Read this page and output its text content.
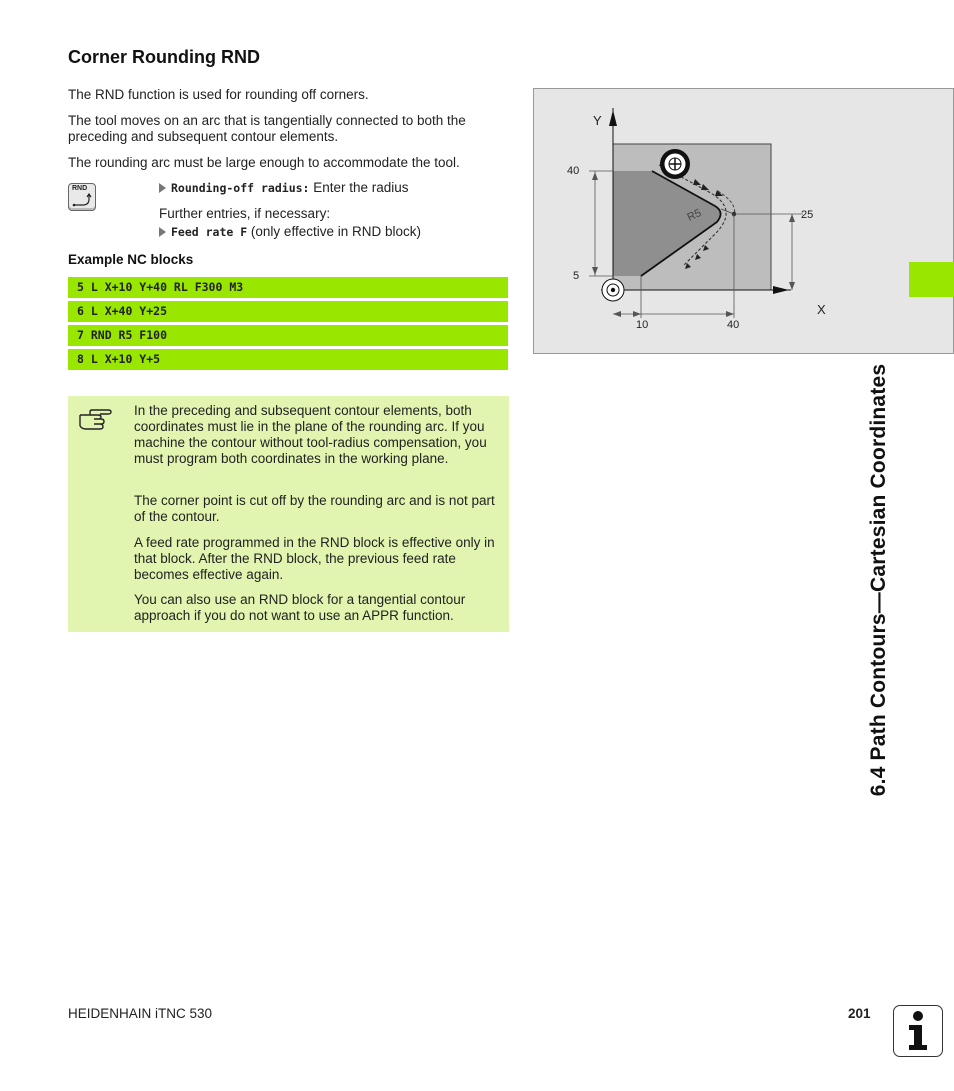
Corner Rounding RND

The RND function is used for rounding off corners.

The tool moves on an arc that is tangentially connected to both the preceding and subsequent contour elements.

The rounding arc must be large enough to accommodate the tool.

RND	Rounding-off radius: Enter the radius
Further entries, if necessary:
Feed rate F (only effective in RND block)
Example NC blocks
5 L X+10 Y+40 RL F300 M3
6 L X+40 Y+25
7 RND R5 F100
8 L X+10 Y+5

In the preceding and subsequent contour elements, both coordinates must lie in the plane of the rounding arc. If you machine the contour without tool-radius compensation, you must program both coordinates in the working plane.

The corner point is cut off by the rounding arc and is not part of the contour.

A feed rate programmed in the RND block is effective only in that block. After the RND block, the previous feed rate becomes effective again.

You can also use an RND block for a tangential contour approach if you do not want to use an APPR function.

R5
Y
X
40
5
25
10	40
6.4 Path Contours—Cartesian Coordinates
HEIDENHAIN iTNC 530	201
